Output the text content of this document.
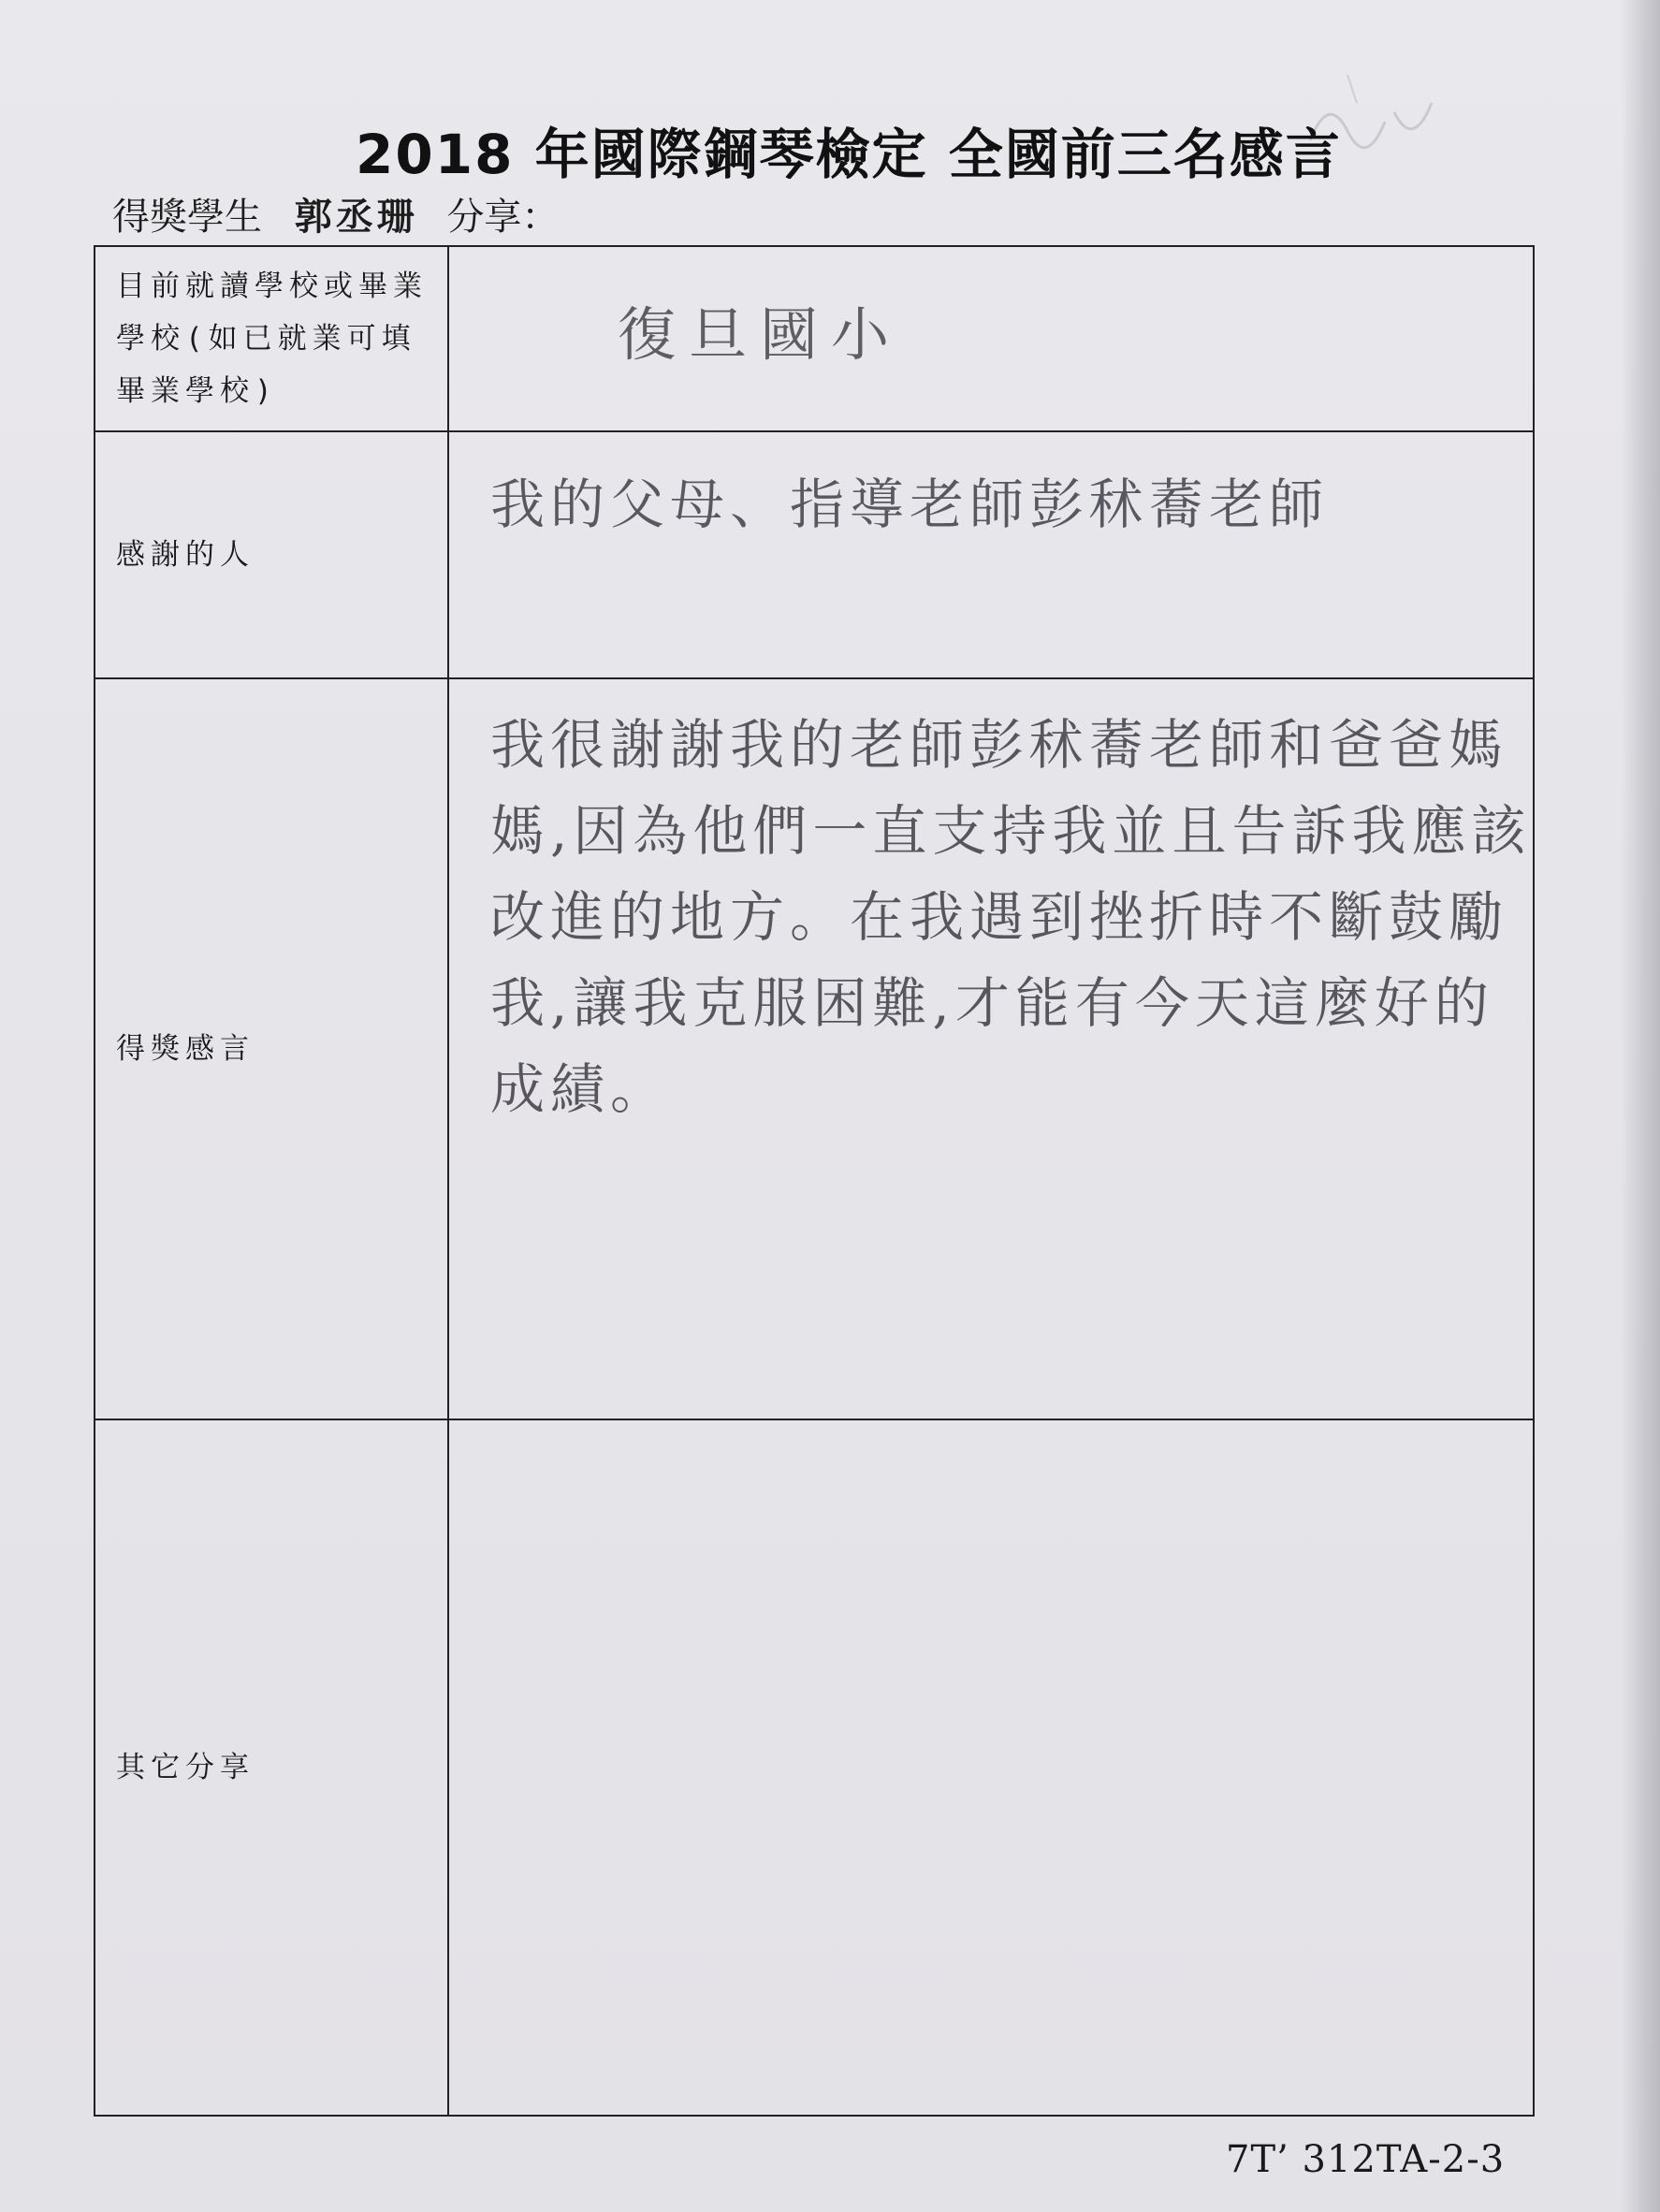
2018 年國際鋼琴檢定 全國前三名感言
得獎學生 郭丞珊 分享：
目前就讀學校或畢業學校(如已就業可填畢業學校)
復旦國小
感謝的人
我的父母、指導老師彭秫蕎老師
得獎感言
我很謝謝我的老師彭秫蕎老師和爸爸媽媽,因為他們一直支持我並且告訴我應該改進的地方。在我遇到挫折時不斷鼓勵我,讓我克服困難,才能有今天這麼好的成績。
其它分享
7T’ 312TA-2-3
